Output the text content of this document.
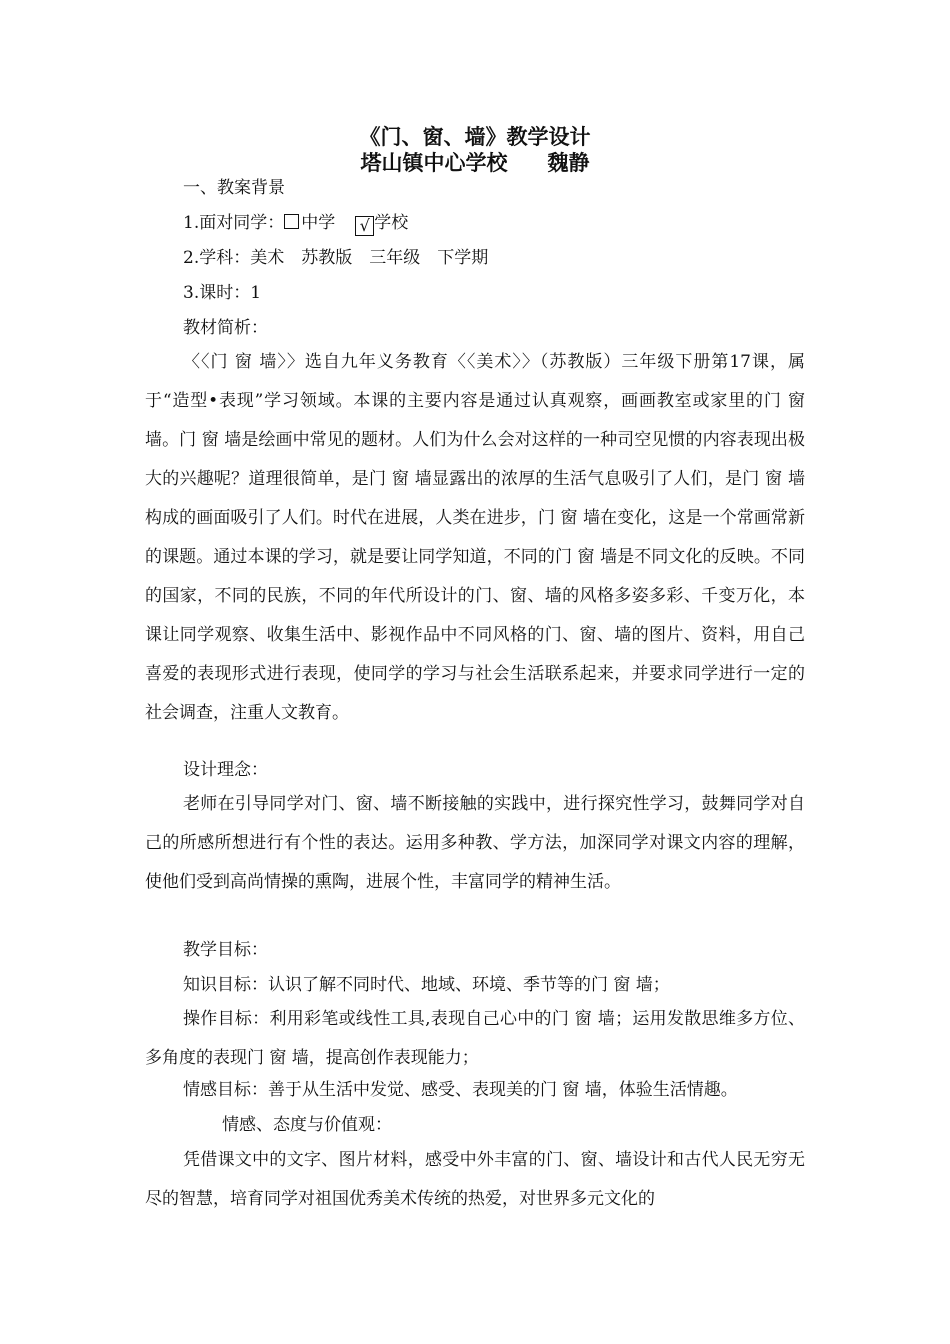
《门、窗、墙》教学设计
塔山镇中心学校 魏静
一、教案背景
1.面对同学： 中学 √ 学校
2.学科：美术　苏教版　三年级　下学期
3.课时：1
教材简析：

〈〈门 窗 墙〉〉选自九年义务教育〈〈美术〉〉（苏教版）三年级下册第17课，属于“造型•表现”学习领域。本课的主要内容是通过认真观察，画画教室或家里的门 窗 墙。门 窗 墙是绘画中常见的题材。人们为什么会对这样的一种司空见惯的内容表现出极大的兴趣呢？道理很简单，是门 窗 墙显露出的浓厚的生活气息吸引了人们，是门 窗 墙构成的画面吸引了人们。时代在进展，人类在进步，门 窗 墙在变化，这是一个常画常新的课题。通过本课的学习，就是要让同学知道，不同的门 窗 墙是不同文化的反映。不同的国家，不同的民族，不同的年代所设计的门、窗、墙的风格多姿多彩、千变万化，本课让同学观察、收集生活中、影视作品中不同风格的门、窗、墙的图片、资料，用自己喜爱的表现形式进行表现，使同学的学习与社会生活联系起来，并要求同学进行一定的社会调查，注重人文教育。

设计理念：

老师在引导同学对门、窗、墙不断接触的实践中，进行探究性学习，鼓舞同学对自己的所感所想进行有个性的表达。运用多种教、学方法，加深同学对课文内容的理解，使他们受到高尚情操的熏陶，进展个性，丰富同学的精神生活。

教学目标：
知识目标：认识了解不同时代、地域、环境、季节等的门 窗 墙；

操作目标：利用彩笔或线性工具,表现自己心中的门 窗 墙；运用发散思维多方位、多角度的表现门 窗 墙，提高创作表现能力；

情感目标：善于从生活中发觉、感受、表现美的门 窗 墙，体验生活情趣。
情感、态度与价值观：

凭借课文中的文字、图片材料，感受中外丰富的门、窗、墙设计和古代人民无穷无尽的智慧，培育同学对祖国优秀美术传统的热爱，对世界多元文化的
